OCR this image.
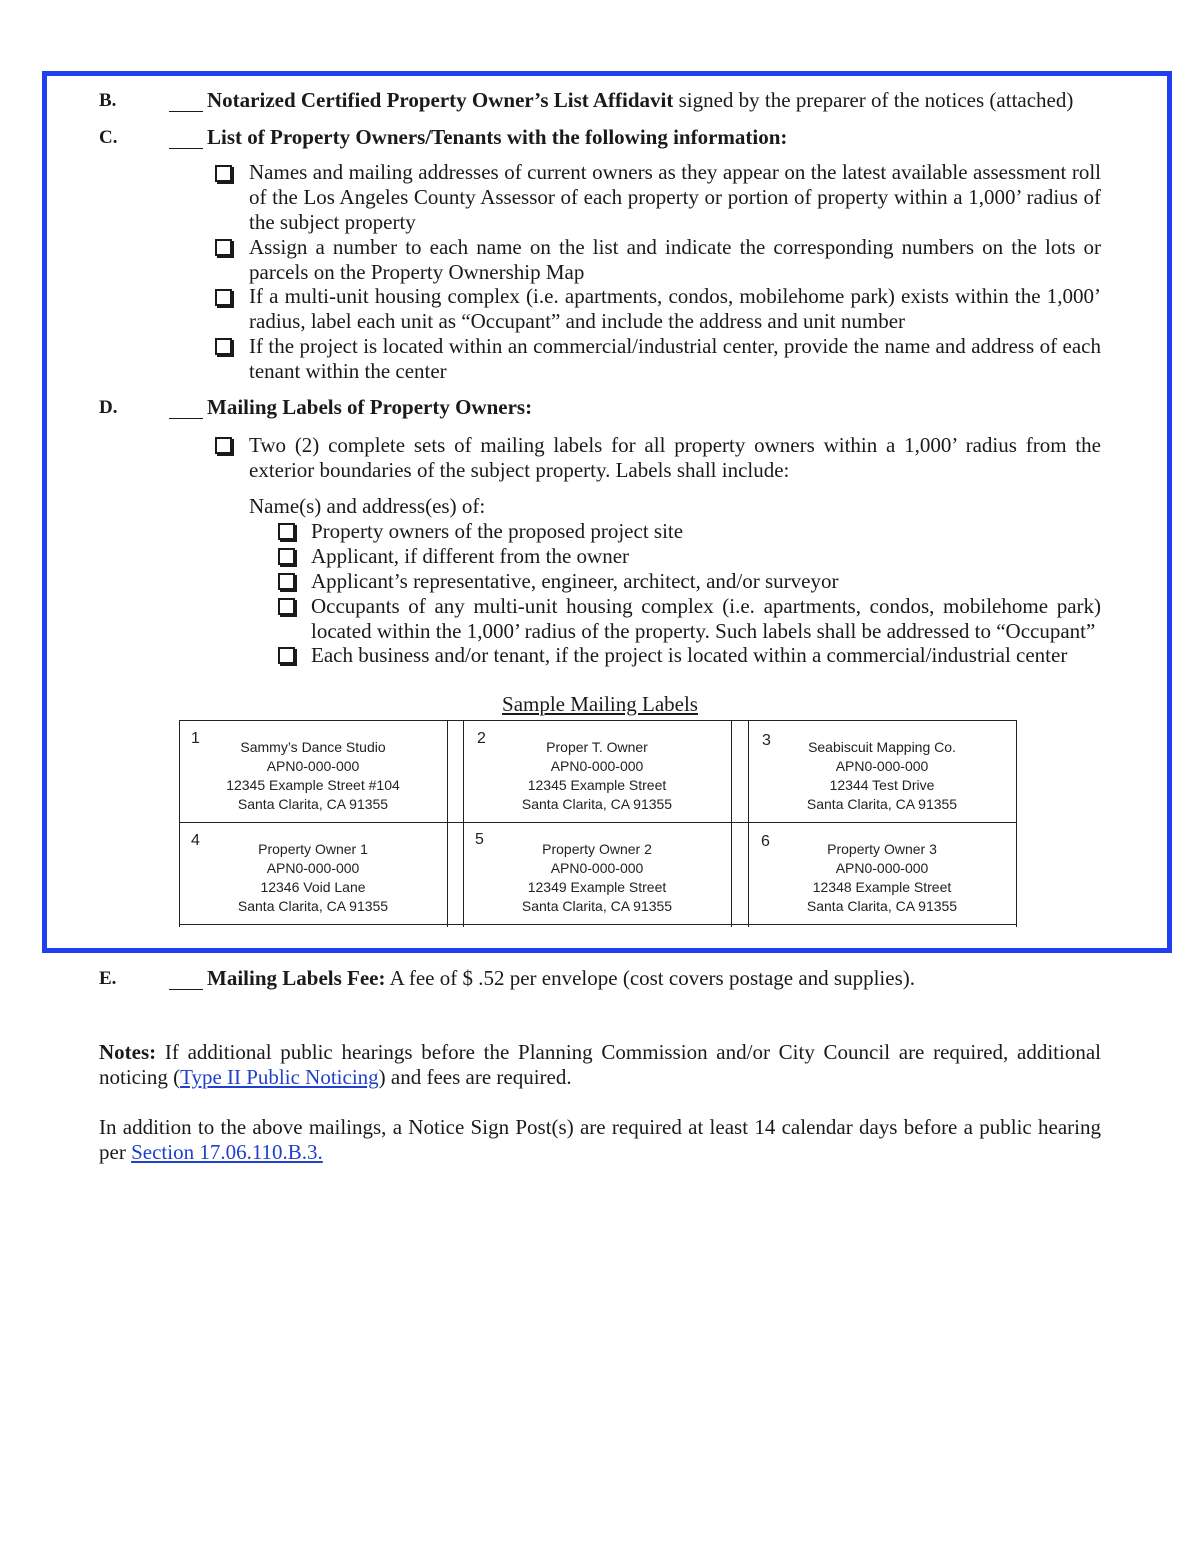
B.	Notarized Certified Property Owner’s List Affidavit signed by the preparer of the notices (attached)
C.	List of Property Owners/Tenants with the following information:
Names and mailing addresses of current owners as they appear on the latest available assessment roll of the Los Angeles County Assessor of each property or portion of property within a 1,000’ radius of the subject property
Assign a number to each name on the list and indicate the corresponding numbers on the lots or parcels on the Property Ownership Map
If a multi-unit housing complex (i.e. apartments, condos, mobilehome park) exists within the 1,000’ radius, label each unit as “Occupant” and include the address and unit number
If the project is located within an commercial/industrial center, provide the name and address of each tenant within the center
D.	Mailing Labels of Property Owners:
Two (2) complete sets of mailing labels for all property owners within a 1,000’ radius from the exterior boundaries of the subject property. Labels shall include:
Name(s) and address(es) of:
Property owners of the proposed project site
Applicant, if different from the owner
Applicant’s representative, engineer, architect, and/or surveyor
Occupants of any multi-unit housing complex (i.e. apartments, condos, mobilehome park) located within the 1,000’ radius of the property. Such labels shall be addressed to “Occupant”
Each business and/or tenant, if the project is located within a commercial/industrial center
Sample Mailing Labels
1	Sammy’s Dance Studio
APN0-000-000
12345 Example Street #104
Santa Clarita, CA 91355
2	Proper T. Owner
APN0-000-000
12345 Example Street
Santa Clarita, CA 91355
3	Seabiscuit Mapping Co.
APN0-000-000
12344 Test Drive
Santa Clarita, CA 91355
4	Property Owner 1
APN0-000-000
12346 Void Lane
Santa Clarita, CA 91355
5
Property Owner 2
APN0-000-000
12349 Example Street
Santa Clarita, CA 91355
6	Property Owner 3
APN0-000-000
12348 Example Street
Santa Clarita, CA 91355
E.	Mailing Labels Fee: A fee of $ .52 per envelope (cost covers postage and supplies).
Notes: If additional public hearings before the Planning Commission and/or City Council are required, additional noticing (Type II Public Noticing) and fees are required.
In addition to the above mailings, a Notice Sign Post(s) are required at least 14 calendar days before a public hearing per Section 17.06.110.B.3.
